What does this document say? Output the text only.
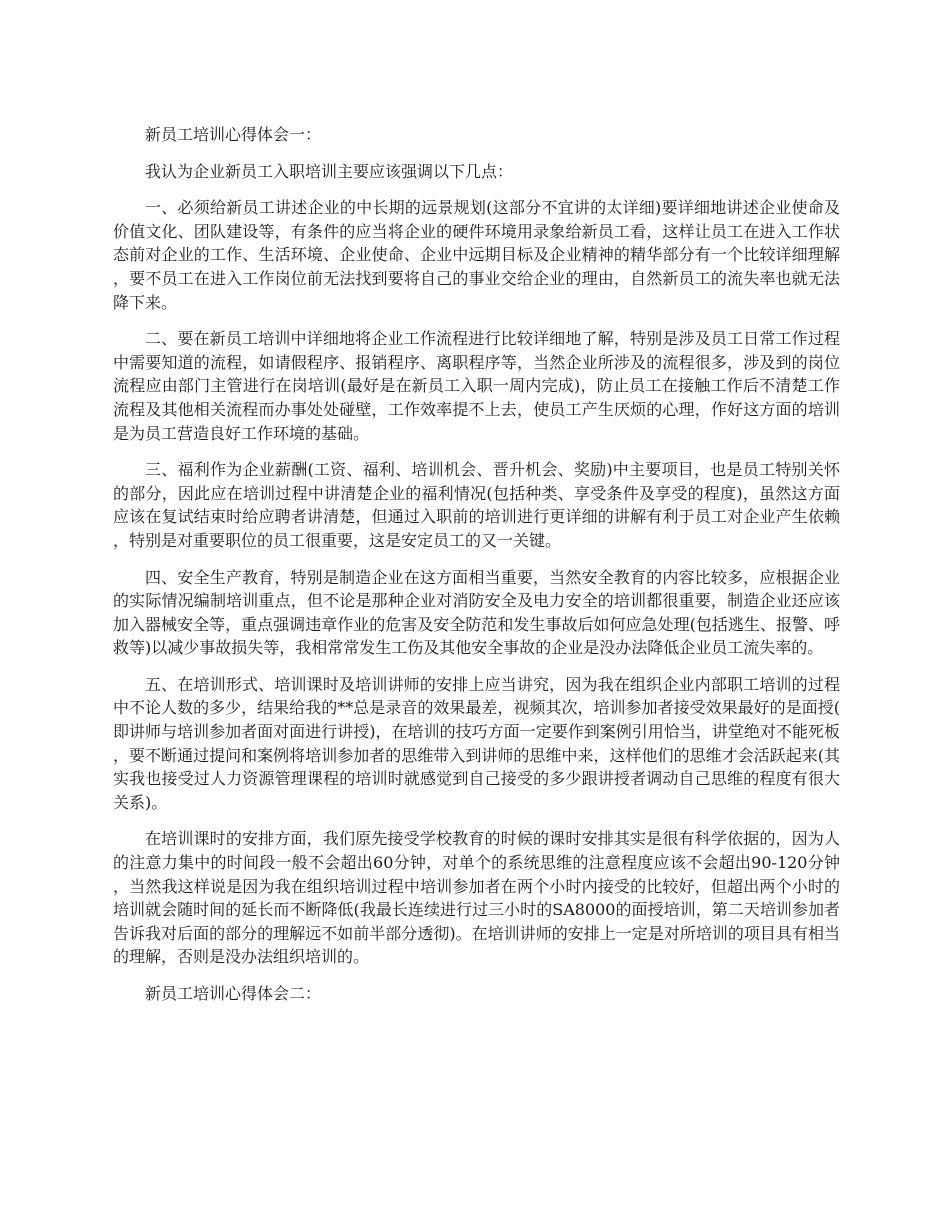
新员工培训心得体会一：

我认为企业新员工入职培训主要应该强调以下几点：

一、必须给新员工讲述企业的中长期的远景规划(这部分不宜讲的太详细)要详细地讲述企业使命及价值文化、团队建设等，有条件的应当将企业的硬件环境用录象给新员工看，这样让员工在进入工作状态前对企业的工作、生活环境、企业使命、企业中远期目标及企业精神的精华部分有一个比较详细理解，要不员工在进入工作岗位前无法找到要将自己的事业交给企业的理由，自然新员工的流失率也就无法降下来。

二、要在新员工培训中详细地将企业工作流程进行比较详细地了解，特别是涉及员工日常工作过程中需要知道的流程，如请假程序、报销程序、离职程序等，当然企业所涉及的流程很多，涉及到的岗位流程应由部门主管进行在岗培训(最好是在新员工入职一周内完成)，防止员工在接触工作后不清楚工作流程及其他相关流程而办事处处碰壁，工作效率提不上去，使员工产生厌烦的心理，作好这方面的培训是为员工营造良好工作环境的基础。

三、福利作为企业薪酬(工资、福利、培训机会、晋升机会、奖励)中主要项目，也是员工特别关怀的部分，因此应在培训过程中讲清楚企业的福利情况(包括种类、享受条件及享受的程度)，虽然这方面应该在复试结束时给应聘者讲清楚，但通过入职前的培训进行更详细的讲解有利于员工对企业产生依赖，特别是对重要职位的员工很重要，这是安定员工的又一关键。

四、安全生产教育，特别是制造企业在这方面相当重要，当然安全教育的内容比较多，应根据企业的实际情况编制培训重点，但不论是那种企业对消防安全及电力安全的培训都很重要，制造企业还应该加入器械安全等，重点强调违章作业的危害及安全防范和发生事故后如何应急处理(包括逃生、报警、呼救等)以减少事故损失等，我相常常发生工伤及其他安全事故的企业是没办法降低企业员工流失率的。

五、在培训形式、培训课时及培训讲师的安排上应当讲究，因为我在组织企业内部职工培训的过程中不论人数的多少，结果给我的**总是录音的效果最差，视频其次，培训参加者接受效果最好的是面授(即讲师与培训参加者面对面进行讲授)，在培训的技巧方面一定要作到案例引用恰当，讲堂绝对不能死板，要不断通过提问和案例将培训参加者的思维带入到讲师的思维中来，这样他们的思维才会活跃起来(其实我也接受过人力资源管理课程的培训时就感觉到自己接受的多少跟讲授者调动自己思维的程度有很大关系)。

在培训课时的安排方面，我们原先接受学校教育的时候的课时安排其实是很有科学依据的，因为人的注意力集中的时间段一般不会超出60分钟，对单个的系统思维的注意程度应该不会超出90-120分钟，当然我这样说是因为我在组织培训过程中培训参加者在两个小时内接受的比较好，但超出两个小时的培训就会随时间的延长而不断降低(我最长连续进行过三小时的SA8000的面授培训，第二天培训参加者告诉我对后面的部分的理解远不如前半部分透彻)。在培训讲师的安排上一定是对所培训的项目具有相当的理解，否则是没办法组织培训的。

新员工培训心得体会二：
